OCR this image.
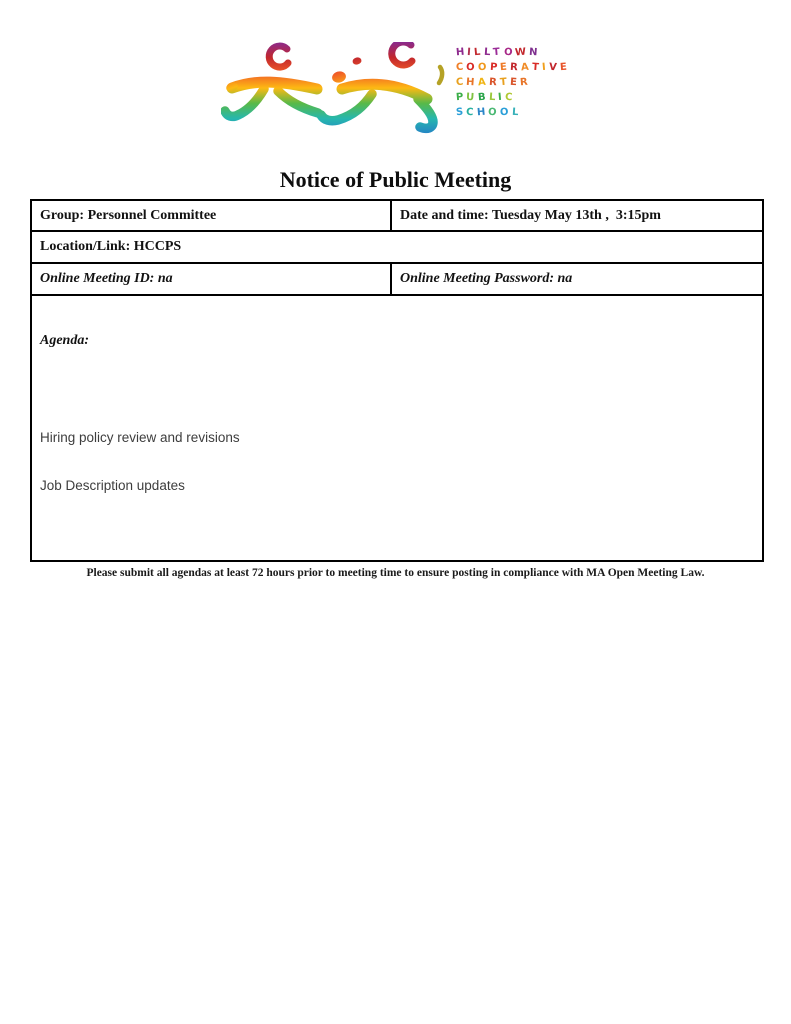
H I L L T O W N
C O O P E R A T I V E
C H A R T E R
P U B L I C
S C H O O L
Notice of Public Meeting
Group: Personnel Committee	Date and time: Tuesday May 13th ,  3:15pm
Location/Link: HCCPS	
Online Meeting ID: na	Online Meeting Password: na

Agenda:

Hiring policy review and revisions

Job Description updates	

Please submit all agendas at least 72 hours prior to meeting time to ensure posting in compliance with MA Open Meeting Law.
